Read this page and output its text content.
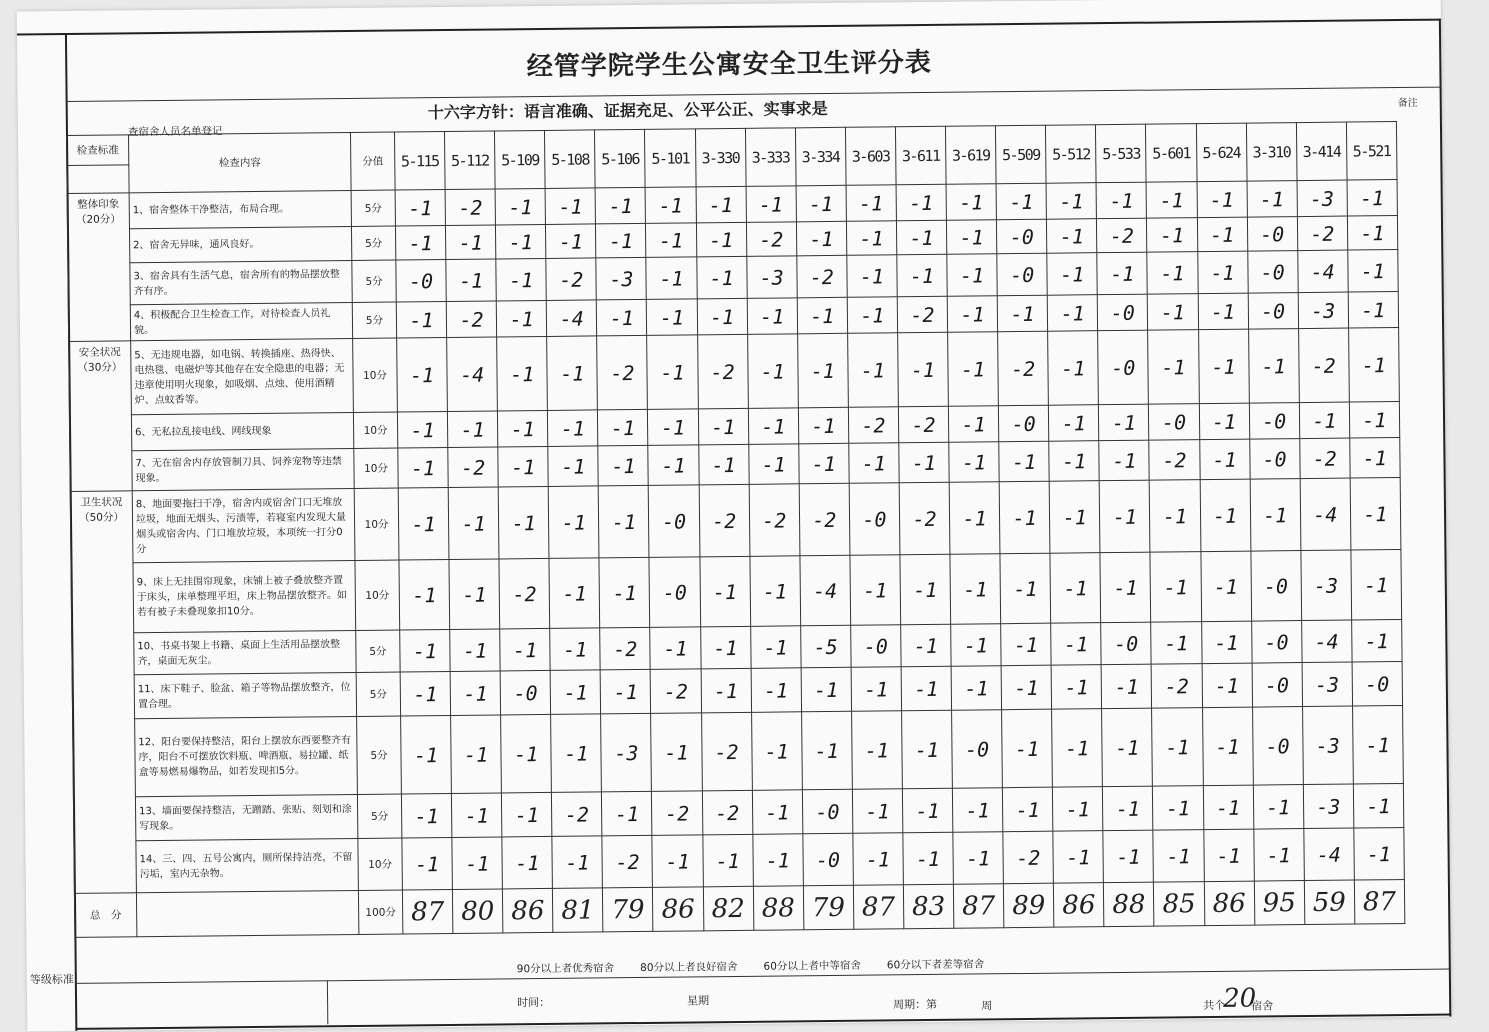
经管学院学生公寓安全卫生评分表
十六字方针：语言准确、证据充足、公平公正、实事求是	备注
查宿舍人员名单登记
检查标准	检查内容	分值	5-115	5-112	5-109	5-108	5-106	5-101	3-330	3-333	3-334	3-603	3-611	3-619	5-509	5-512	5-533	5-601	5-624	3-310	3-414	5-521

整体印象（20分）	1、宿舍整体干净整洁，布局合理。	5分	-1	-2	-1	-1	-1	-1	-1	-1	-1	-1	-1	-1	-1	-1	-1	-1	-1	-1	-3	-1
	2、宿舍无异味，通风良好。	5分	-1	-1	-1	-1	-1	-1	-1	-2	-1	-1	-1	-1	-0	-1	-2	-1	-1	-0	-2	-1
	3、宿舍具有生活气息，宿舍所有的物品摆放整齐有序。	5分	-0	-1	-1	-2	-3	-1	-1	-3	-2	-1	-1	-1	-0	-1	-1	-1	-1	-0	-4	-1
	4、积极配合卫生检查工作，对待检查人员礼貌。	5分	-1	-2	-1	-4	-1	-1	-1	-1	-1	-1	-2	-1	-1	-1	-0	-1	-1	-0	-3	-1
安全状况（30分）	5、无违规电器，如电锅、转换插座、热得快、电热毯、电磁炉等其他存在安全隐患的电器；无违章使用明火现象，如吸烟、点烛、使用酒精炉、点蚊香等。	10分	-1	-4	-1	-1	-2	-1	-2	-1	-1	-1	-1	-1	-2	-1	-0	-1	-1	-1	-2	-1
	6、无私拉乱接电线、网线现象	10分	-1	-1	-1	-1	-1	-1	-1	-1	-1	-2	-2	-1	-0	-1	-1	-0	-1	-0	-1	-1
	7、无在宿舍内存放管制刀具、饲养宠物等违禁现象。	10分	-1	-2	-1	-1	-1	-1	-1	-1	-1	-1	-1	-1	-1	-1	-1	-2	-1	-0	-2	-1
卫生状况（50分）	8、地面要拖扫干净，宿舍内或宿舍门口无堆放垃圾，地面无烟头、污渍等，若寝室内发现大量烟头或宿舍内、门口堆放垃圾，本项统一打分0分	10分	-1	-1	-1	-1	-1	-0	-2	-2	-2	-0	-2	-1	-1	-1	-1	-1	-1	-1	-4	-1
	9、床上无挂围帘现象，床铺上被子叠放整齐置于床头，床单整理平坦，床上物品摆放整齐。如若有被子未叠现象扣10分。	10分	-1	-1	-2	-1	-1	-0	-1	-1	-4	-1	-1	-1	-1	-1	-1	-1	-1	-0	-3	-1
	10、书桌书架上书籍、桌面上生活用品摆放整齐，桌面无灰尘。	5分	-1	-1	-1	-1	-2	-1	-1	-1	-5	-0	-1	-1	-1	-1	-0	-1	-1	-0	-4	-1
	11、床下鞋子、脸盆、箱子等物品摆放整齐，位置合理。	5分	-1	-1	-0	-1	-1	-2	-1	-1	-1	-1	-1	-1	-1	-1	-1	-2	-1	-0	-3	-0
	12、阳台要保持整洁，阳台上摆放东西要整齐有序，阳台不可摆放饮料瓶、啤酒瓶、易拉罐、纸盒等易燃易爆物品，如若发现扣5分。	5分	-1	-1	-1	-1	-3	-1	-2	-1	-1	-1	-1	-0	-1	-1	-1	-1	-1	-0	-3	-1
	13、墙面要保持整洁，无蹭踏、张贴、刻划和涂写现象。	5分	-1	-1	-1	-2	-1	-2	-2	-1	-0	-1	-1	-1	-1	-1	-1	-1	-1	-1	-3	-1
	14、三、四、五号公寓内，厕所保持洁亮，不留污垢，室内无杂物。	10分	-1	-1	-1	-1	-2	-1	-1	-1	-0	-1	-1	-1	-2	-1	-1	-1	-1	-1	-4	-1
总　分		100分	87	80	86	81	79	86	82	88	79	87	83	87	89	86	88	85	86	95	59	87
90分以上者优秀宿舍 80分以上者良好宿舍 60分以上者中等宿舍 60分以下者差等宿舍
等级标准
时间：	星期	周期：第	周	共个
20
宿舍
